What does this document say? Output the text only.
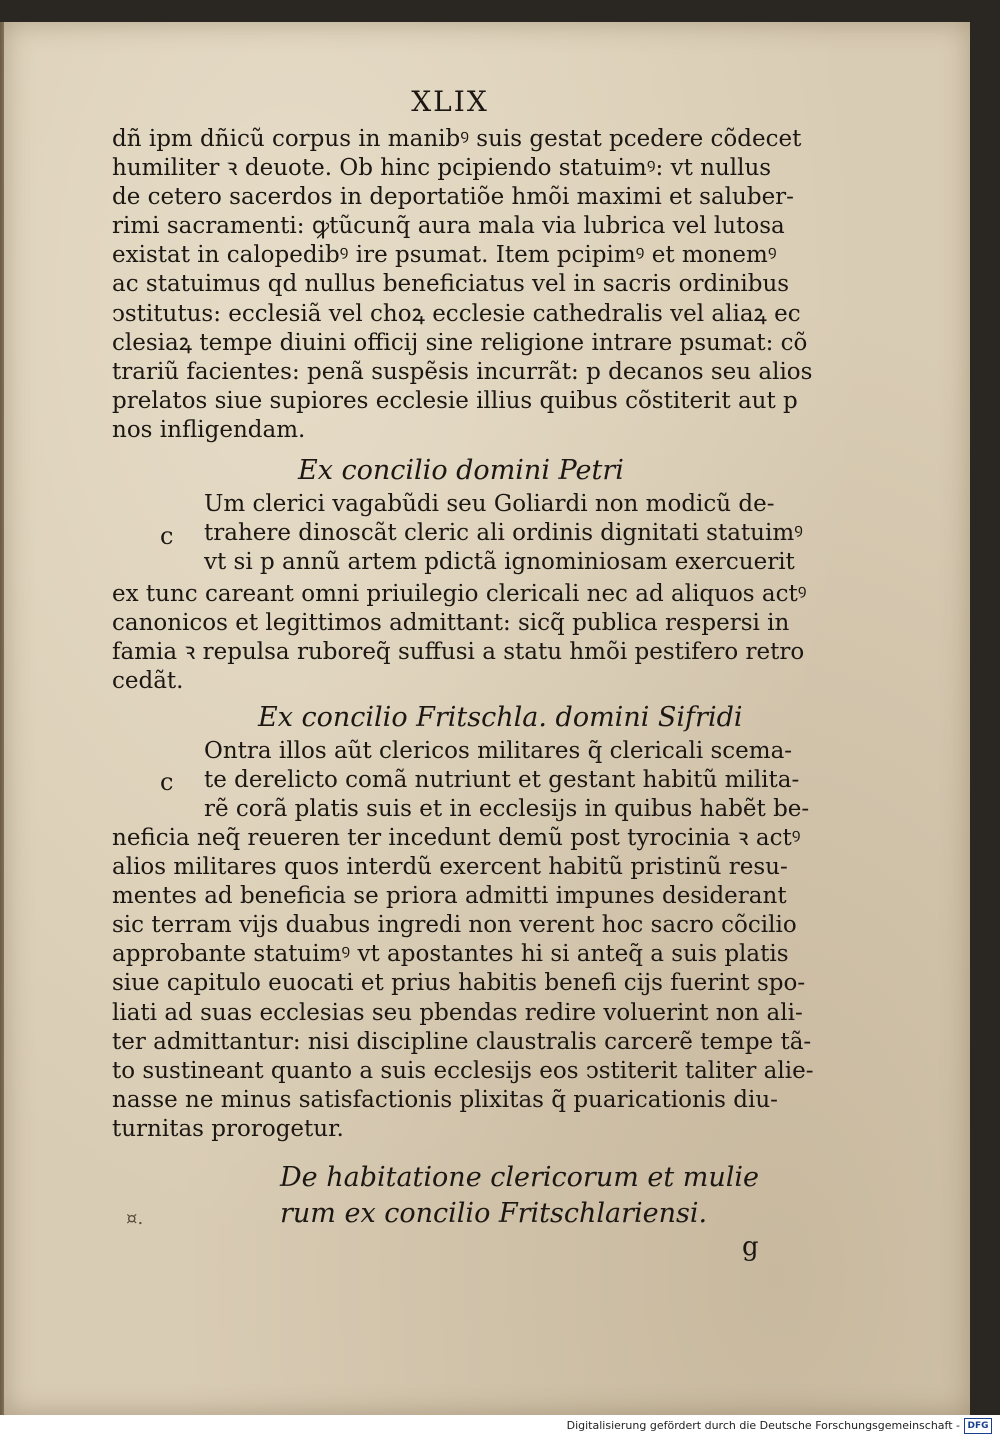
XLIX
dñ ipm dñicũ corpus in manibꝰ suis gestat pcedere cõdecet
humiliter ꝛ deuote. Ob hinc pcipiendo statuimꝰ: vt nullus
de cetero sacerdos in deportatiõe hmõi maximi et saluber-
rimi sacramenti: ꝙtũcunq̃ aura mala via lubrica vel lutosa
existat in calopedibꝰ ire psumat. Item pcipimꝰ et monemꝰ
ac statuimus qd nullus beneficiatus vel in sacris ordinibus
ↄstitutus: ecclesiã vel choꝝ ecclesie cathedralis vel aliaꝝ ec
clesiaꝝ tempe diuini officij sine religione intrare psumat: cõ
trariũ facientes: penã suspẽsis incurrãt: p decanos seu alios
prelatos siue supiores ecclesie illius quibus cõstiterit aut p
nos infligendam.
Ex concilio domini Petri
c
Um clerici vagabũdi seu Goliardi non modicũ de-
trahere dinoscãt cleric ali ordinis dignitati statuimꝰ
vt si p annũ artem pdictã ignominiosam exercuerit
ex tunc careant omni priuilegio clericali nec ad aliquos actꝰ
canonicos et legittimos admittant: sicq̃ publica respersi in
famia ꝛ repulsa ruboreq̃ suffusi a statu hmõi pestifero retro
cedãt.
Ex concilio Fritschla. domini Sifridi
c
Ontra illos aũt clericos militares q̃ clericali scema-
te derelicto comã nutriunt et gestant habitũ milita-
rẽ corã platis suis et in ecclesijs in quibus habẽt be-
neficia neq̃ reueren ter incedunt demũ post tyrocinia ꝛ actꝰ
alios militares quos interdũ exercent habitũ pristinũ resu-
mentes ad beneficia se priora admitti impunes desiderant
sic terram vijs duabus ingredi non verent hoc sacro cõcilio
approbante statuimꝰ vt apostantes hi si anteq̃ a suis platis
siue capitulo euocati et prius habitis benefi cijs fuerint spo-
liati ad suas ecclesias seu pbendas redire voluerint non ali-
ter admittantur: nisi discipline claustralis carcerẽ tempe tã-
to sustineant quanto a suis ecclesijs eos ↄstiterit taliter alie-
nasse ne minus satisfactionis plixitas q̃ puaricationis diu-
turnitas prorogetur.
De habitatione clericorum et mulie
rum ex concilio Fritschlariensi.
¤.
g
Digitalisierung gefördert durch die Deutsche Forschungsgemeinschaft - DFG
